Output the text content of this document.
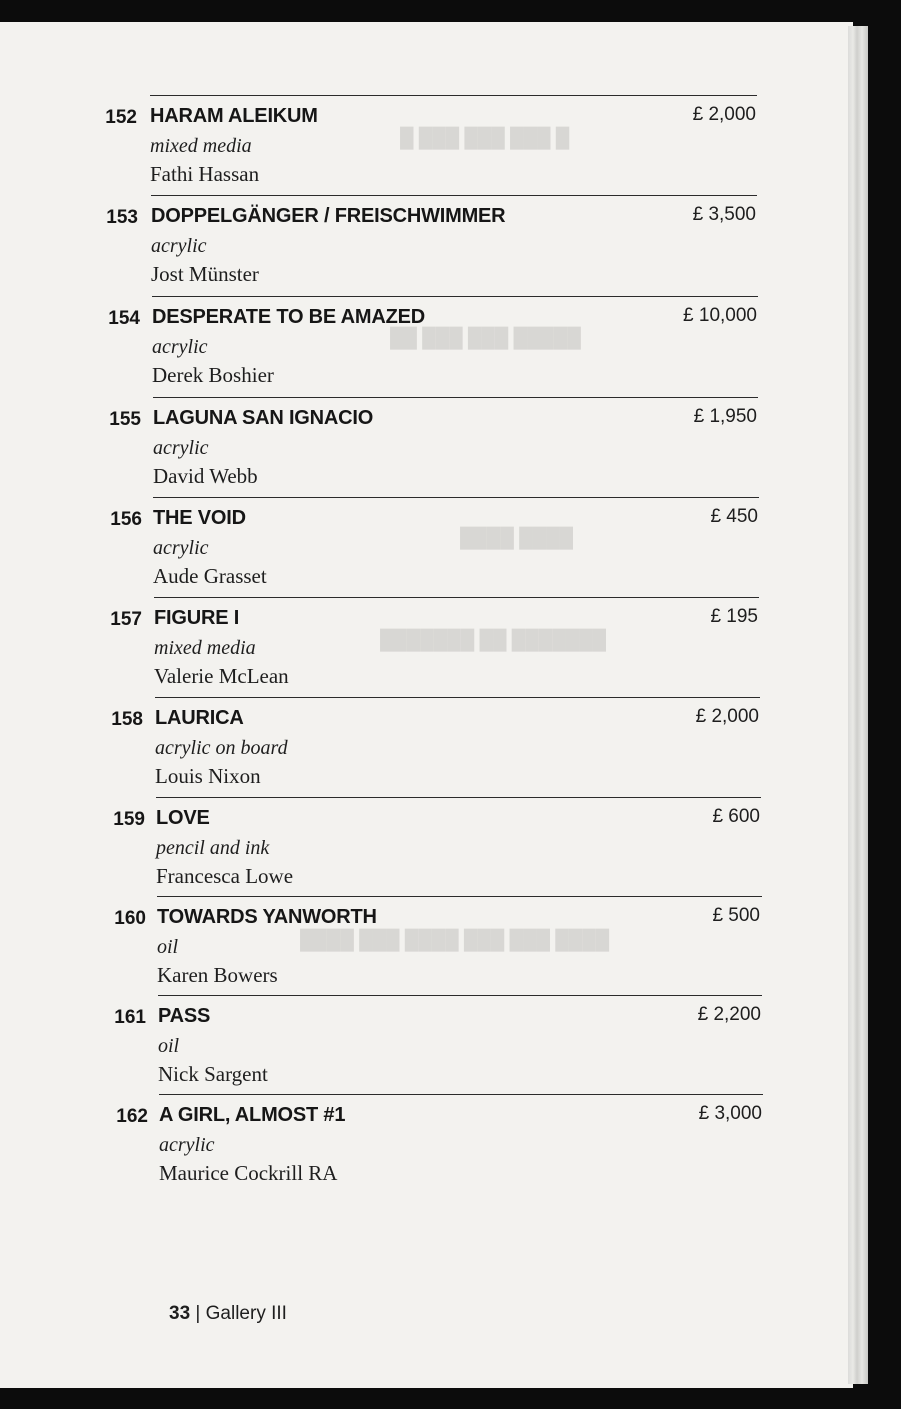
█ ███ ███ ███ █
█████ ███ ███ ██
████ ████
███████ ██ ███████
████ ███ ███ ████ ███ ████
152 HARAM ALEIKUM
mixed media
Fathi Hassan
£ 2,000
153 DOPPELGÄNGER / FREISCHWIMMER
acrylic
Jost Münster
£ 3,500
154 DESPERATE TO BE AMAZED
acrylic
Derek Boshier
£ 10,000
155 LAGUNA SAN IGNACIO
acrylic
David Webb
£ 1,950
156 THE VOID
acrylic
Aude Grasset
£ 450
157 FIGURE I
mixed media
Valerie McLean
£ 195
158 LAURICA
acrylic on board
Louis Nixon
£ 2,000
159 LOVE
pencil and ink
Francesca Lowe
£ 600
160 TOWARDS YANWORTH
oil
Karen Bowers
£ 500
161 PASS
oil
Nick Sargent
£ 2,200
162 A GIRL, ALMOST #1
acrylic
Maurice Cockrill RA
£ 3,000
33 | Gallery III
